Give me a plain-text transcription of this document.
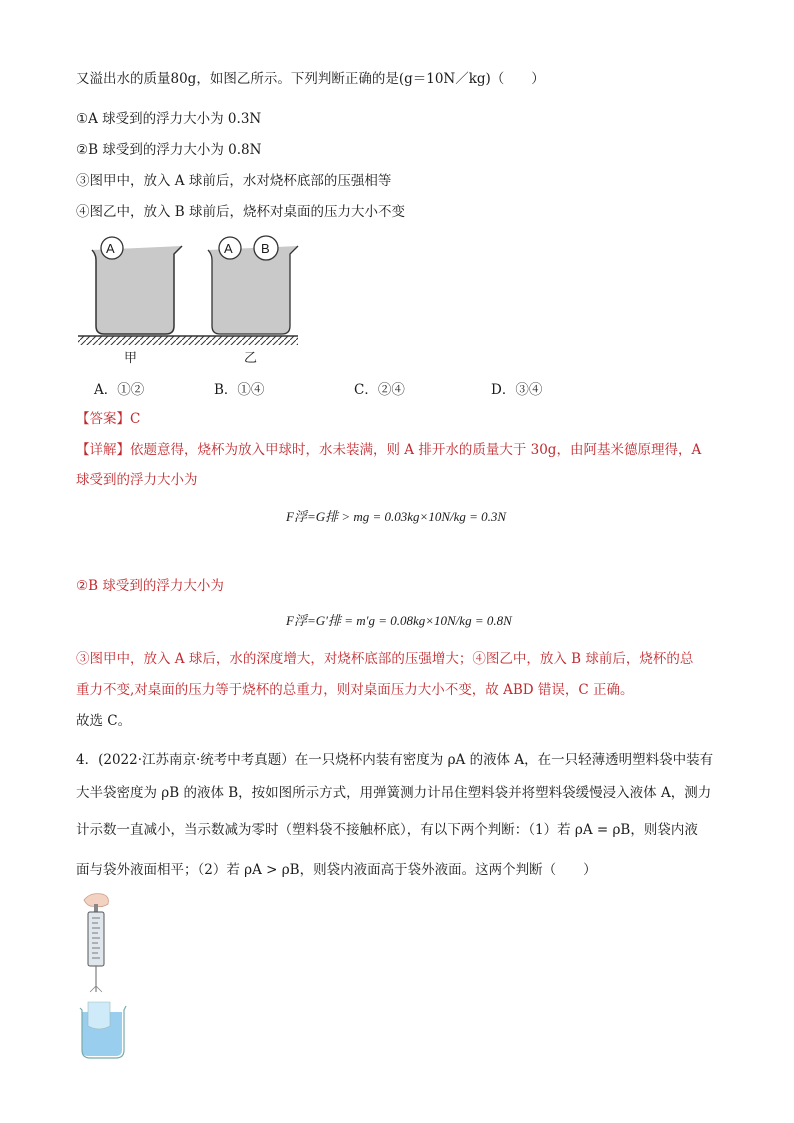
又溢出水的质量80g，如图乙所示。下列判断正确的是(g＝10N／kg)（　　）
①A 球受到的浮力大小为 0.3N
②B 球受到的浮力大小为 0.8N
③图甲中，放入 A 球前后，水对烧杯底部的压强相等
④图乙中，放入 B 球前后，烧杯对桌面的压力大小不变
A	A B
甲	乙
A．①②	B．①④	C．②④	D．③④
【答案】C
【详解】依题意得，烧杯为放入甲球时，水未装满，则 A 排开水的质量大于 30g，由阿基米德原理得，A
球受到的浮力大小为
F浮=G排 > mg = 0.03kg×10N/kg = 0.3N
②B 球受到的浮力大小为
F浮=G′排 = m′g = 0.08kg×10N/kg = 0.8N
③图甲中，放入 A 球后，水的深度增大，对烧杯底部的压强增大；④图乙中，放入 B 球前后，烧杯的总
重力不变,对桌面的压力等于烧杯的总重力，则对桌面压力大小不变，故 ABD 错误，C 正确。
故选 C。
4．(2022·江苏南京·统考中考真题）在一只烧杯内装有密度为 ρA 的液体 A，在一只轻薄透明塑料袋中装有
大半袋密度为 ρB 的液体 B，按如图所示方式，用弹簧测力计吊住塑料袋并将塑料袋缓慢浸入液体 A，测力
计示数一直减小，当示数减为零时（塑料袋不接触杯底），有以下两个判断：（1）若 ρA = ρB，则袋内液
面与袋外液面相平；（2）若 ρA > ρB，则袋内液面高于袋外液面。这两个判断（　　）
